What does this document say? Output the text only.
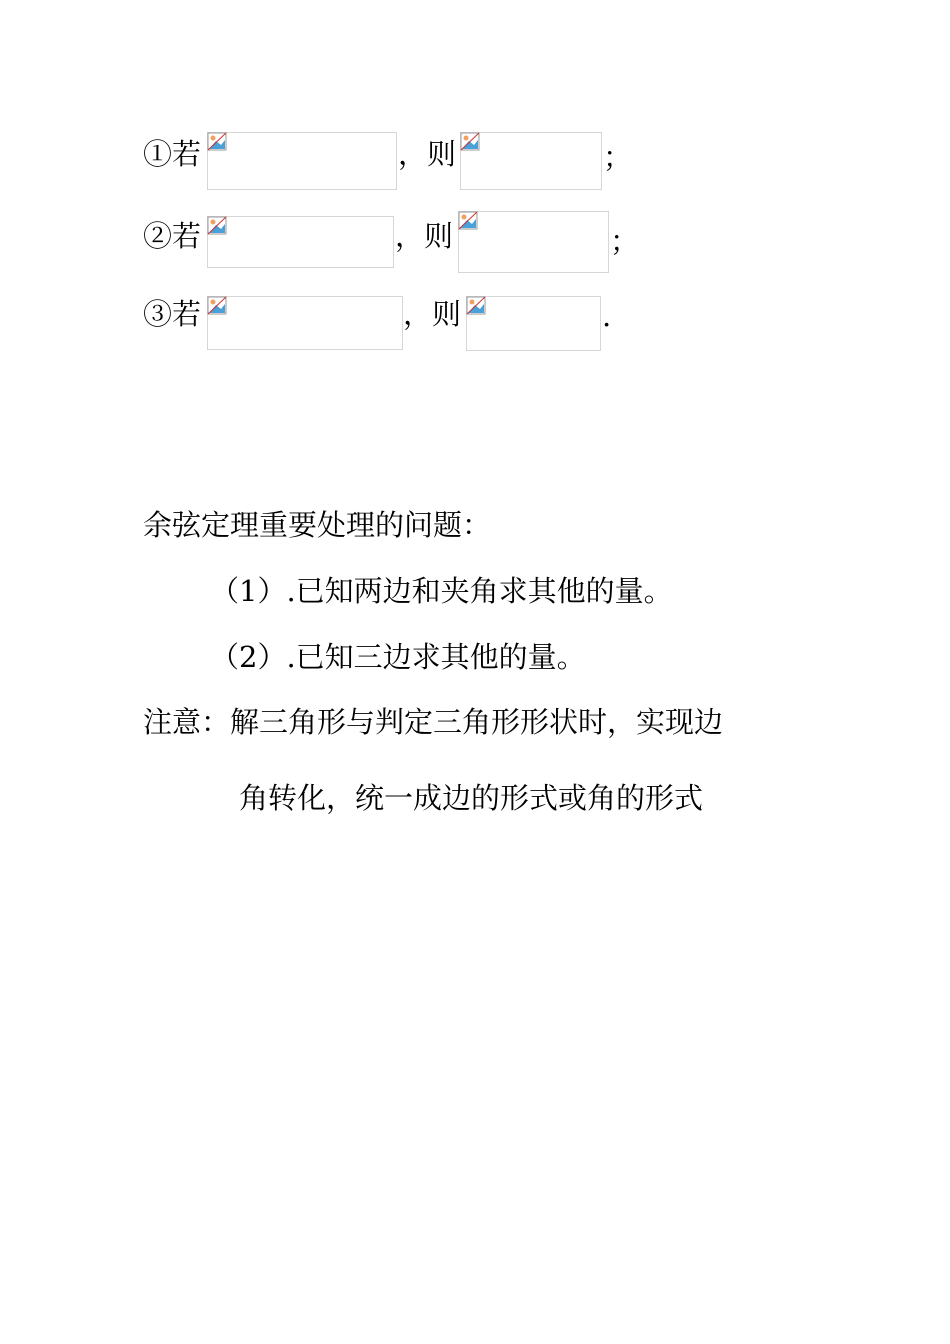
①若	，则	；
②若	，则	；
③若	，则	.
余弦定理重要处理的问题：
（1）.已知两边和夹角求其他的量。
（2）.已知三边求其他的量。
注意：解三角形与判定三角形形状时，实现边
角转化，统一成边的形式或角的形式
